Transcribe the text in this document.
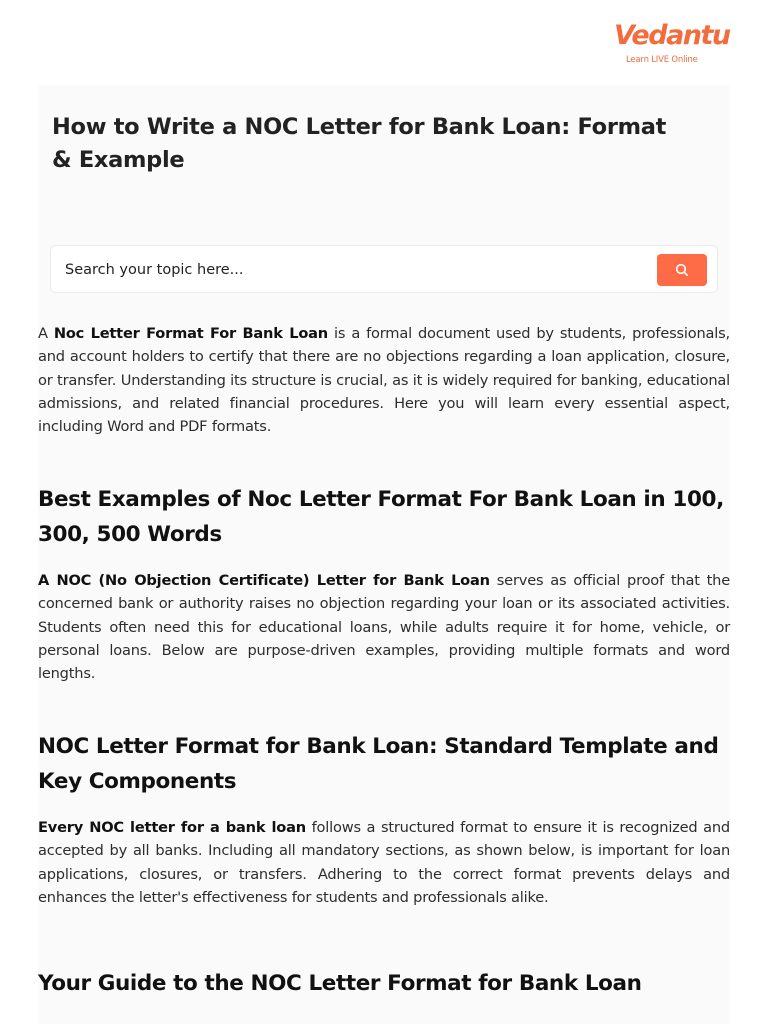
Vedantu
Learn LIVE Online
How to Write a NOC Letter for Bank Loan: Format & Example
Search your topic here...

A Noc Letter Format For Bank Loan is a formal document used by students, professionals, and account holders to certify that there are no objections regarding a loan application, closure, or transfer. Understanding its structure is crucial, as it is widely required for banking, educational admissions, and related financial procedures. Here you will learn every essential aspect, including Word and PDF formats.

Best Examples of Noc Letter Format For Bank Loan in 100, 300, 500 Words

A NOC (No Objection Certificate) Letter for Bank Loan serves as official proof that the concerned bank or authority raises no objection regarding your loan or its associated activities. Students often need this for educational loans, while adults require it for home, vehicle, or personal loans. Below are purpose-driven examples, providing multiple formats and word lengths.

NOC Letter Format for Bank Loan: Standard Template and Key Components

Every NOC letter for a bank loan follows a structured format to ensure it is recognized and accepted by all banks. Including all mandatory sections, as shown below, is important for loan applications, closures, or transfers. Adhering to the correct format prevents delays and enhances the letter's effectiveness for students and professionals alike.

Your Guide to the NOC Letter Format for Bank Loan
